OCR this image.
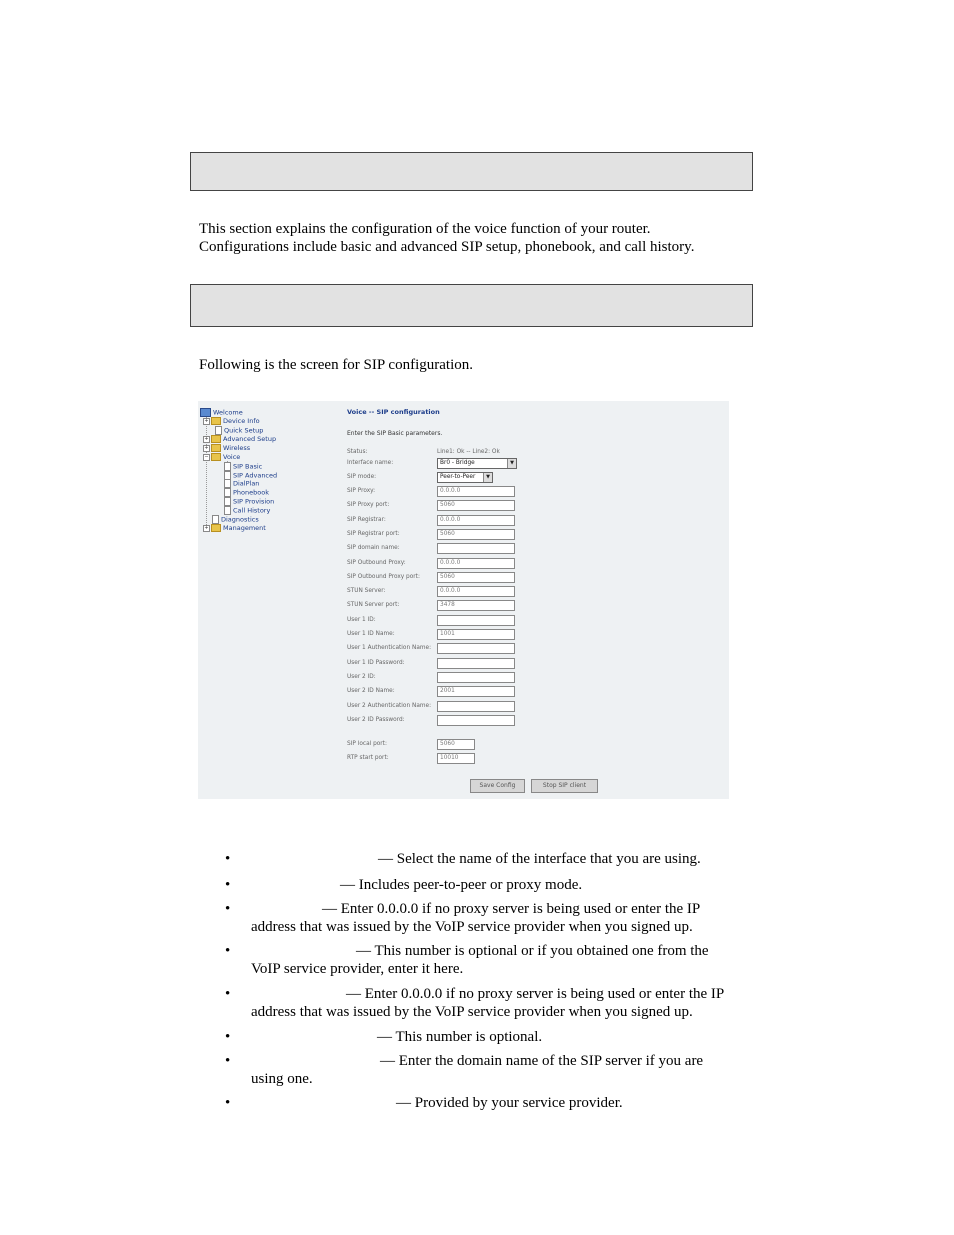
This section explains the configuration of the voice function of your router.

Configurations include basic and advanced SIP setup, phonebook, and call history.

Following is the screen for SIP configuration.
Welcome
+ Device Info
Quick Setup
+ Advanced Setup
+ Wireless
− Voice
SIP Basic
SIP Advanced
DialPlan
Phonebook
SIP Provision
Call History
Diagnostics
+ Management
Voice -- SIP configuration
Enter the SIP Basic parameters.
Status:	Line1: Ok -- Line2: Ok
Interface name:	Br0 - Bridge	▼
SIP mode:	Peer-to-Peer	▼
SIP Proxy:	0.0.0.0
SIP Proxy port:	5060
SIP Registrar:	0.0.0.0
SIP Registrar port:	5060
SIP domain name:
SIP Outbound Proxy:	0.0.0.0
SIP Outbound Proxy port:	5060
STUN Server:	0.0.0.0
STUN Server port:	3478
User 1 ID:
User 1 ID Name:	1001
User 1 Authentication Name:
User 1 ID Password:
User 2 ID:
User 2 ID Name:	2001
User 2 Authentication Name:
User 2 ID Password:
SIP local port:	5060
RTP start port:	10010
Save Config	Stop SIP client
•	— Select the name of the interface that you are using.
•	— Includes peer-to-peer or proxy mode.
•	— Enter 0.0.0.0 if no proxy server is being used or enter the IP
address that was issued by the VoIP service provider when you signed up.
•	— This number is optional or if you obtained one from the
VoIP service provider, enter it here.
•	— Enter 0.0.0.0 if no proxy server is being used or enter the IP
address that was issued by the VoIP service provider when you signed up.
•	— This number is optional.
•	— Enter the domain name of the SIP server if you are
using one.
•	— Provided by your service provider.
